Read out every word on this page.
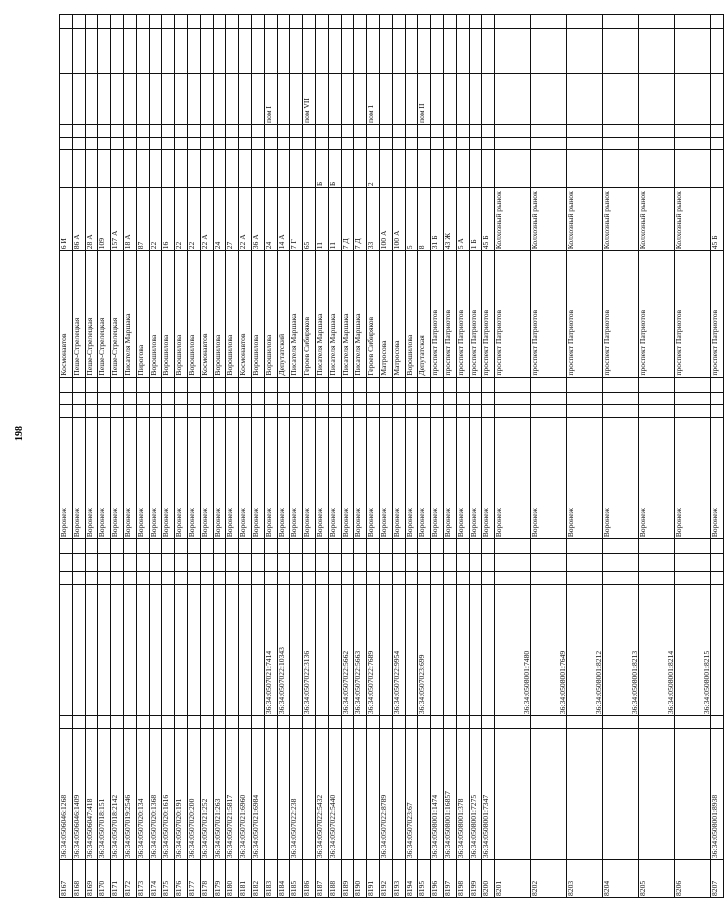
198
8167	36:34:0506046:1268						Воронеж				Космонавтов	6 И						
8168	36:34:0506046:1409						Воронеж				Пеше-Стрелецкая	86 А						
8169	36:34:0506047:418						Воронеж				Пеше-Стрелецкая	28 А						
8170	36:34:0507018:151						Воронеж				Пеше-Стрелецкая	109						
8171	36:34:0507018:2142						Воронеж				Пеше-Стрелецкая	157 А						
8172	36:34:0507019:2546						Воронеж				Писателя Маршака	18 А						
8173	36:34:0507020:134						Воронеж				Пирогова	87						
8174	36:34:0507020:1368						Воронеж				Ворошилова	22						
8175	36:34:0507020:1616						Воронеж				Ворошилова	16						
8176	36:34:0507020:191						Воронеж				Ворошилова	22						
8177	36:34:0507020:200						Воронеж				Ворошилова	22						
8178	36:34:0507021:252						Воронеж				Космонавтов	22 А						
8179	36:34:0507021:263						Воронеж				Ворошилова	24						
8180	36:34:0507021:5817						Воронеж				Ворошилова	27						
8181	36:34:0507021:6960						Воронеж				Космонавтов	22 А						
8182	36:34:0507021:6984						Воронеж				Ворошилова	36 А						
8183			36:34:0507021:7414				Воронеж				Ворошилова	24				пом I		
8184			36:34:0507022:10343				Воронеж				Депутатский	14 А						
8185	36:34:0507022:238						Воронеж				Писателя Маршака	7 Г						
8186			36:34:0507022:3136				Воронеж				Героев Сибиряков	65				пом VII		
8187	36:34:0507022:5432						Воронеж				Писателя Маршака	11	Б					
8188	36:34:0507022:5440						Воронеж				Писателя Маршака	11	Б					
8189			36:34:0507022:5662				Воронеж				Писателя Маршака	7 Д						
8190			36:34:0507022:5663				Воронеж				Писателя Маршака	7 Д						
8191			36:34:0507022:7689				Воронеж				Героев Сибиряков	33	2			пом 1		
8192	36:34:0507022:8789						Воронеж				Матросова	100 А						
8193			36:34:0507022:9954				Воронеж				Матросова	100 А						
8194	36:34:0507023:67						Воронеж				Ворошилова	5						
8195			36:34:0507023:699				Воронеж				Депутатская	8				пом II		
8196	36:34:0508001:1474						Воронеж				проспект Патриотов	31 Б						
8197	36:34:0508001:16857						Воронеж				проспект Патриотов	43 Ж						
8198	36:34:0508001:378						Воронеж				проспект Патриотов	5 А						
8199	36:34:0508001:7275						Воронеж				проспект Патриотов	1 Б						
8200	36:34:0508001:7347						Воронеж				проспект Патриотов	45 Б						
8201			36:34:0508001:7480				Воронеж				проспект Патриотов	Колхозный рынок						
8202			36:34:0508001:7649				Воронеж				проспект Патриотов	Колхозный рынок						
8203			36:34:0508001:8212				Воронеж				проспект Патриотов	Колхозный рынок						
8204			36:34:0508001:8213				Воронеж				проспект Патриотов	Колхозный рынок						
8205			36:34:0508001:8214				Воронеж				проспект Патриотов	Колхозный рынок						
8206			36:34:0508001:8215				Воронеж				проспект Патриотов	Колхозный рынок						
8207	36:34:0508001:8938						Воронеж				проспект Патриотов	45 Б						
